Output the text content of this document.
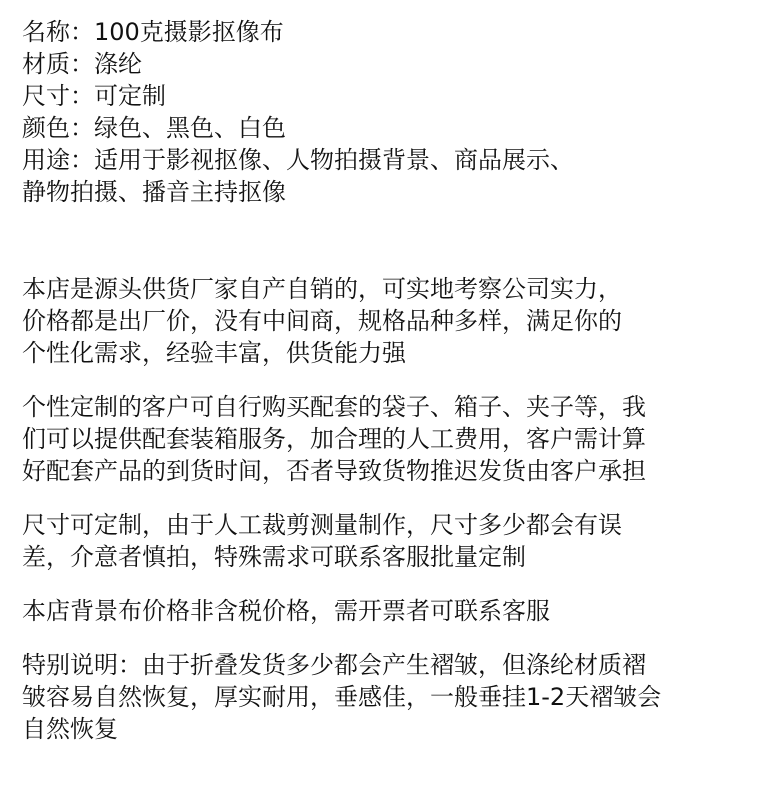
名称：100克摄影抠像布
材质：涤纶
尺寸：可定制
颜色：绿色、黑色、白色
用途：适用于影视抠像、人物拍摄背景、商品展示、
静物拍摄、播音主持抠像
本店是源头供货厂家自产自销的，可实地考察公司实力，
价格都是出厂价，没有中间商，规格品种多样，满足你的
个性化需求，经验丰富，供货能力强
个性定制的客户可自行购买配套的袋子、箱子、夹子等，我
们可以提供配套装箱服务，加合理的人工费用，客户需计算
好配套产品的到货时间，否者导致货物推迟发货由客户承担
尺寸可定制，由于人工裁剪测量制作，尺寸多少都会有误
差，介意者慎拍，特殊需求可联系客服批量定制
本店背景布价格非含税价格，需开票者可联系客服
特别说明：由于折叠发货多少都会产生褶皱，但涤纶材质褶
皱容易自然恢复，厚实耐用，垂感佳，一般垂挂1-2天褶皱会
自然恢复
